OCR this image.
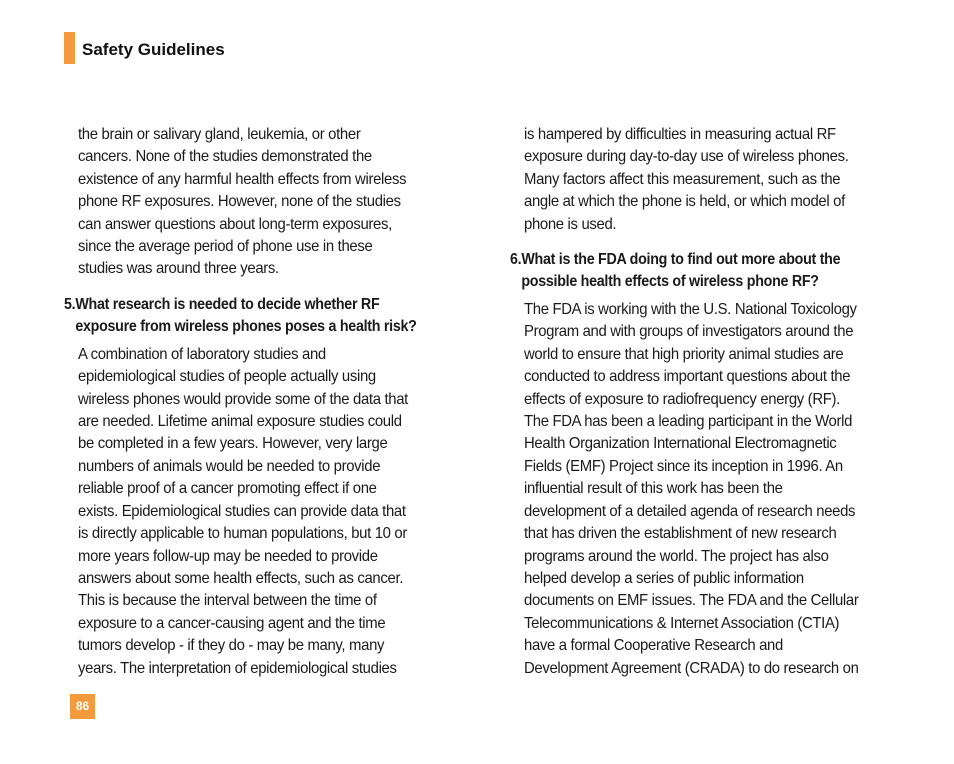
Safety Guidelines
the brain or salivary gland, leukemia, or other
cancers. None of the studies demonstrated the
existence of any harmful health effects from wireless
phone RF exposures. However, none of the studies
can answer questions about long-term exposures,
since the average period of phone use in these
studies was around three years.
5. What research is needed to decide whether RF
exposure from wireless phones poses a health risk?
A combination of laboratory studies and
epidemiological studies of people actually using
wireless phones would provide some of the data that
are needed. Lifetime animal exposure studies could
be completed in a few years. However, very large
numbers of animals would be needed to provide
reliable proof of a cancer promoting effect if one
exists. Epidemiological studies can provide data that
is directly applicable to human populations, but 10 or
more years follow-up may be needed to provide
answers about some health effects, such as cancer.
This is because the interval between the time of
exposure to a cancer-causing agent and the time
tumors develop - if they do - may be many, many
years. The interpretation of epidemiological studies
is hampered by difficulties in measuring actual RF
exposure during day-to-day use of wireless phones.
Many factors affect this measurement, such as the
angle at which the phone is held, or which model of
phone is used.
6. What is the FDA doing to find out more about the
possible health effects of wireless phone RF?
The FDA is working with the U.S. National Toxicology
Program and with groups of investigators around the
world to ensure that high priority animal studies are
conducted to address important questions about the
effects of exposure to radiofrequency energy (RF).
The FDA has been a leading participant in the World
Health Organization International Electromagnetic
Fields (EMF) Project since its inception in 1996. An
influential result of this work has been the
development of a detailed agenda of research needs
that has driven the establishment of new research
programs around the world. The project has also
helped develop a series of public information
documents on EMF issues. The FDA and the Cellular
Telecommunications & Internet Association (CTIA)
have a formal Cooperative Research and
Development Agreement (CRADA) to do research on
86
